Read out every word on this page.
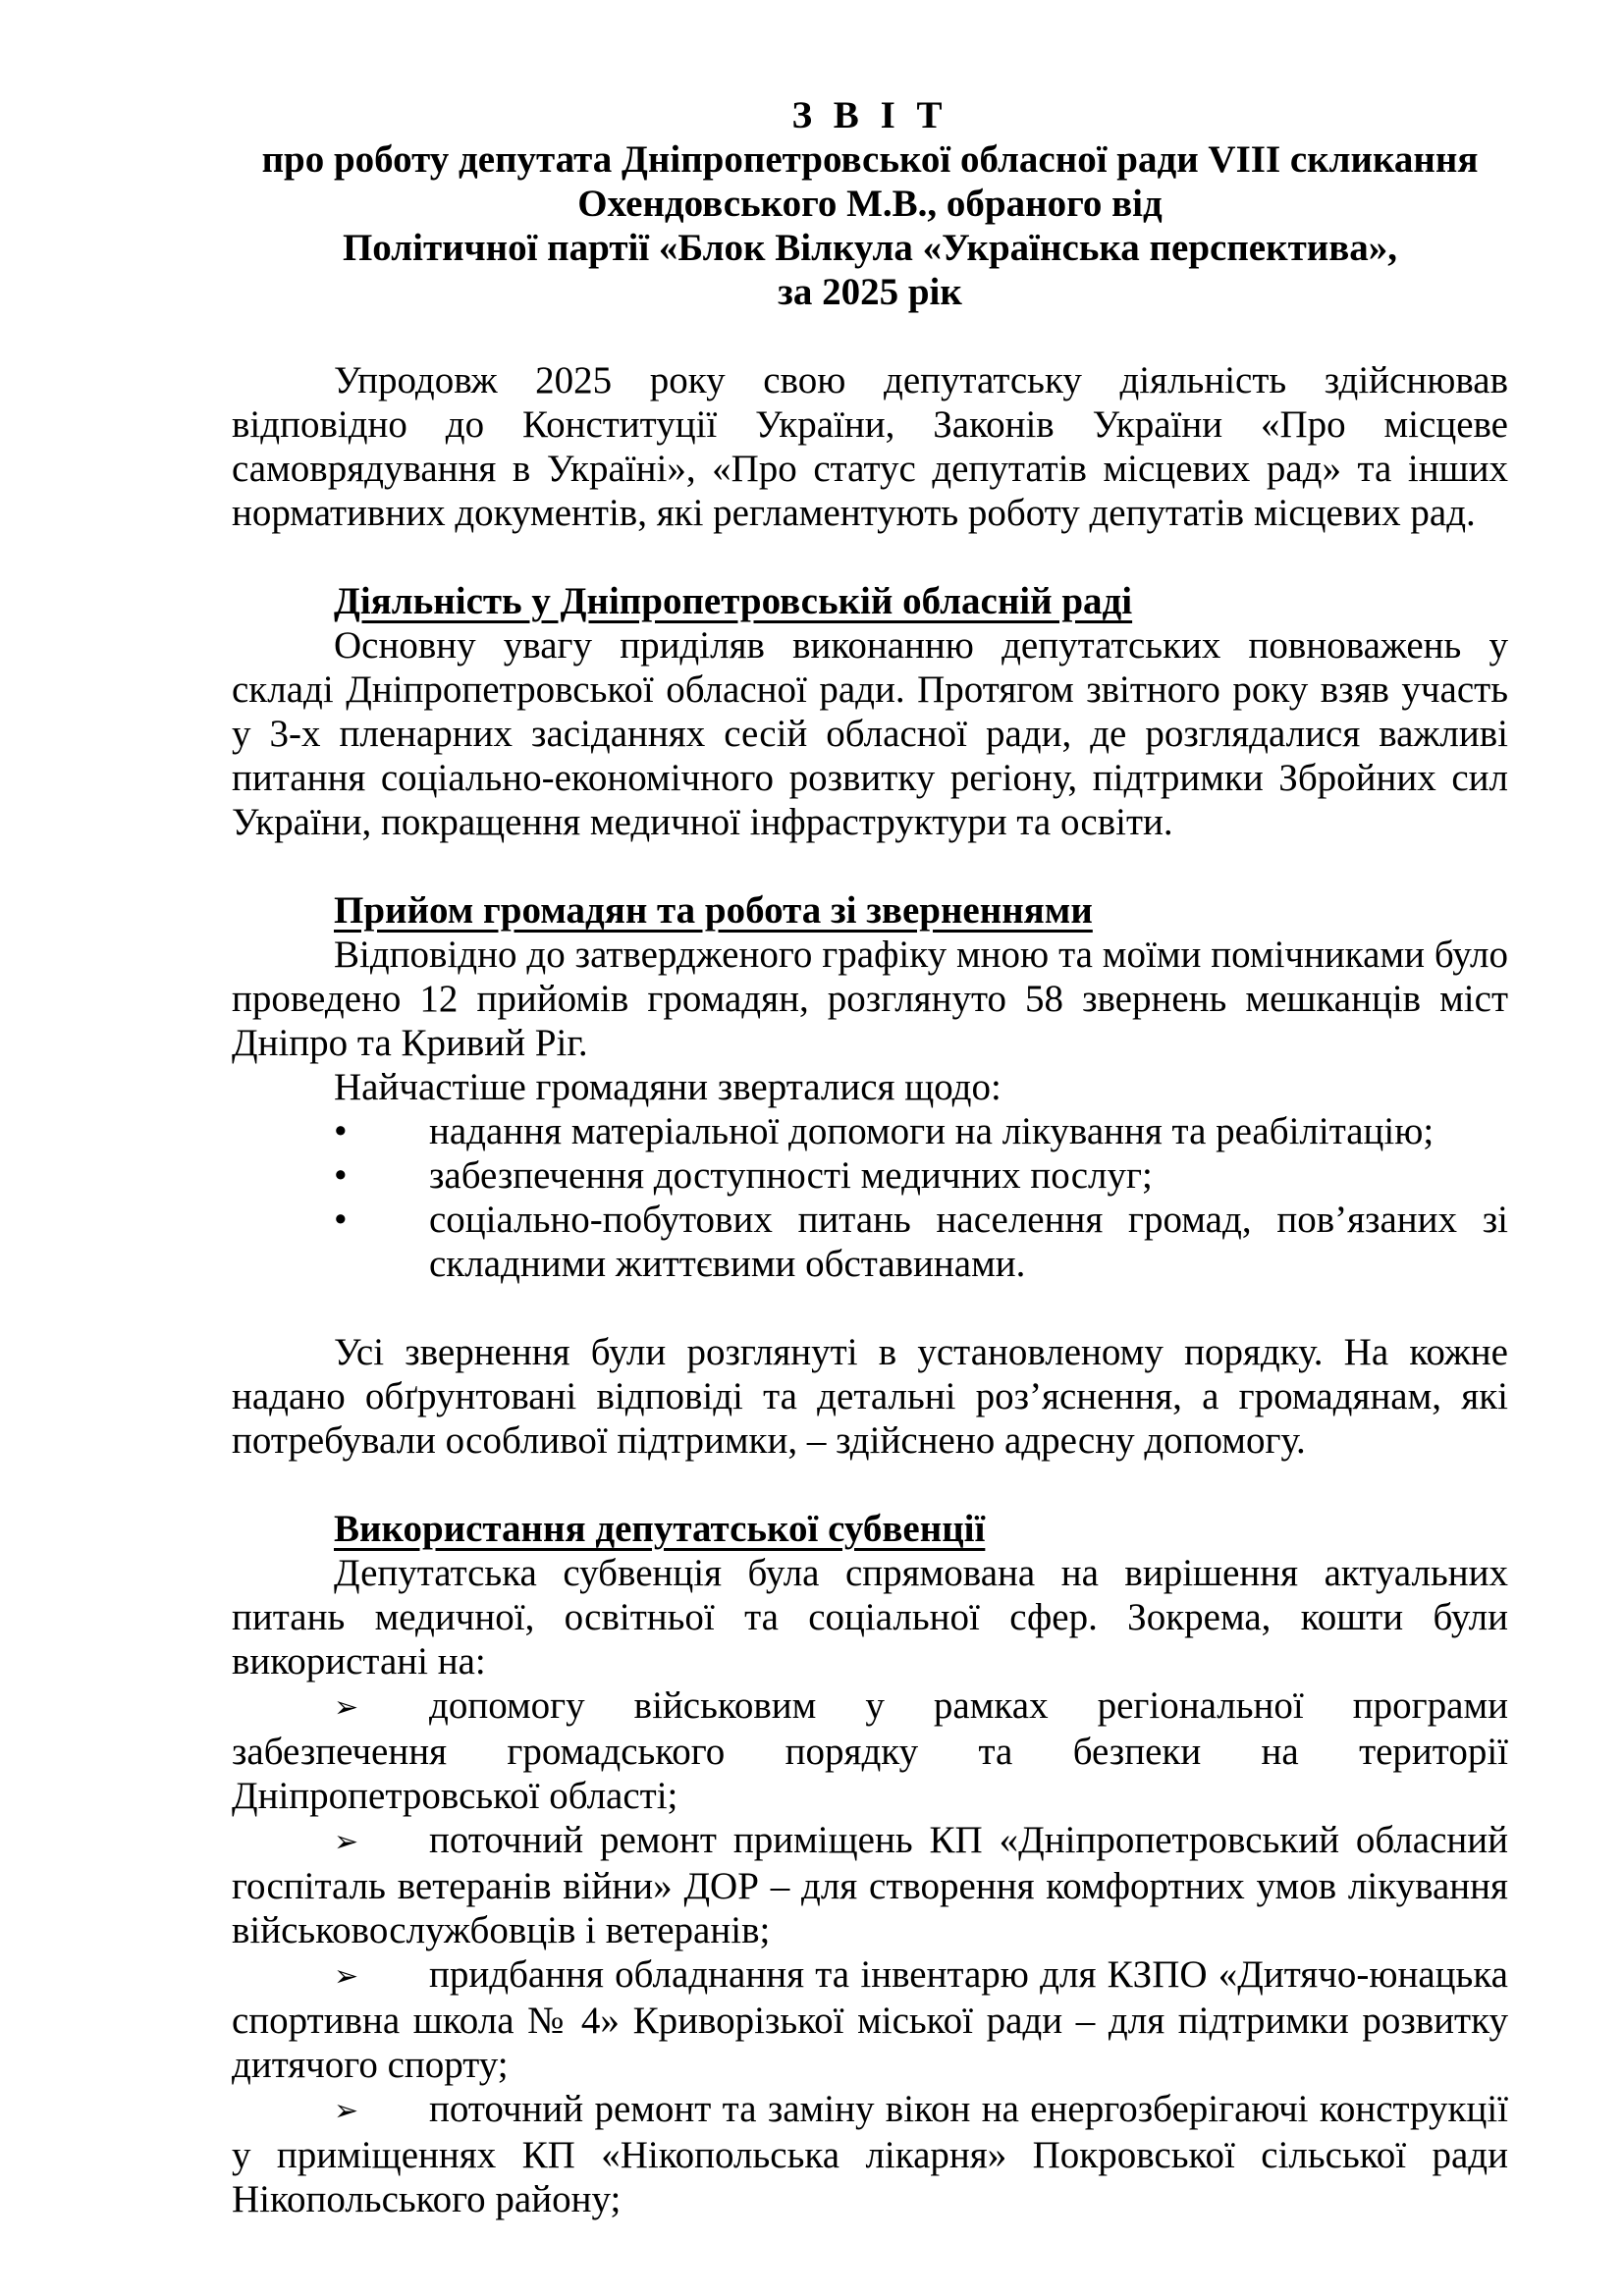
З В І Т
про роботу депутата Дніпропетровської обласної ради VIII скликання
Охендовського М.В., обраного від
Політичної партії «Блок Вілкула «Українська перспектива»,
за 2025 рік

Упродовж 2025 року свою депутатську діяльність здійснював відповідно до Конституції України, Законів України «Про місцеве самоврядування в Україні», «Про статус депутатів місцевих рад» та інших нормативних документів, які регламентують роботу депутатів місцевих рад.

Діяльність у Дніпропетровській обласній раді

Основну увагу приділяв виконанню депутатських повноважень у складі Дніпропетровської обласної ради. Протягом звітного року взяв участь у 3-х пленарних засіданнях сесій обласної ради, де розглядалися важливі питання соціально-економічного розвитку регіону, підтримки Збройних сил України, покращення медичної інфраструктури та освіти.

Прийом громадян та робота зі зверненнями

Відповідно до затвердженого графіку мною та моїми помічниками було проведено 12 прийомів громадян, розглянуто 58 звернень мешканців міст Дніпро та Кривий Ріг.

Найчастіше громадяни зверталися щодо:

• надання матеріальної допомоги на лікування та реабілітацію;
• забезпечення доступності медичних послуг;
• соціально-побутових питань населення громад, пов’язаних зі складними життєвими обставинами.

Усі звернення були розглянуті в установленому порядку. На кожне надано обґрунтовані відповіді та детальні роз’яснення, а громадянам, які потребували особливої підтримки, – здійснено адресну допомогу.

Використання депутатської субвенції

Депутатська субвенція була спрямована на вирішення актуальних питань медичної, освітньої та соціальної сфер. Зокрема, кошти були використані на:

➢ допомогу військовим у рамках регіональної програми забезпечення громадського порядку та безпеки на території Дніпропетровської області;

➢ поточний ремонт приміщень КП «Дніпропетровський обласний госпіталь ветеранів війни» ДОР – для створення комфортних умов лікування військовослужбовців і ветеранів;

➢ придбання обладнання та інвентарю для КЗПО «Дитячо-юнацька спортивна школа № 4» Криворізької міської ради – для підтримки розвитку дитячого спорту;

➢ поточний ремонт та заміну вікон на енергозберігаючі конструкції у приміщеннях КП «Нікопольська лікарня» Покровської сільської ради Нікопольського району;
